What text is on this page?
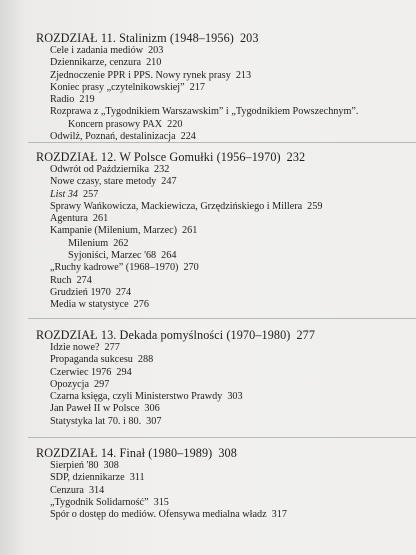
ROZDZIAŁ 11. Stalinizm (1948–1956) 203
Cele i zadania mediów 203
Dziennikarze, cenzura 210
Zjednoczenie PPR i PPS. Nowy rynek prasy 213
Koniec prasy „czytelnikowskiej” 217
Radio 219
Rozprawa z „Tygodnikiem Warszawskim” i „Tygodnikiem Powszechnym”.
Koncern prasowy PAX 220
Odwilż, Poznań, destalinizacja 224
ROZDZIAŁ 12. W Polsce Gomułki (1956–1970) 232
Odwrót od Października 232
Nowe czasy, stare metody 247
List 34 257
Sprawy Wańkowicza, Mackiewicza, Grzędzińskiego i Millera 259
Agentura 261
Kampanie (Milenium, Marzec) 261
Milenium 262
Syjoniści, Marzec '68 264
„Ruchy kadrowe” (1968–1970) 270
Ruch 274
Grudzień 1970 274
Media w statystyce 276
ROZDZIAŁ 13. Dekada pomyślności (1970–1980) 277
Idzie nowe? 277
Propaganda sukcesu 288
Czerwiec 1976 294
Opozycja 297
Czarna księga, czyli Ministerstwo Prawdy 303
Jan Paweł II w Polsce 306
Statystyka lat 70. i 80. 307
ROZDZIAŁ 14. Finał (1980–1989) 308
Sierpień '80 308
SDP, dziennikarze 311
Cenzura 314
„Tygodnik Solidarność” 315
Spór o dostęp do mediów. Ofensywa medialna władz 317
